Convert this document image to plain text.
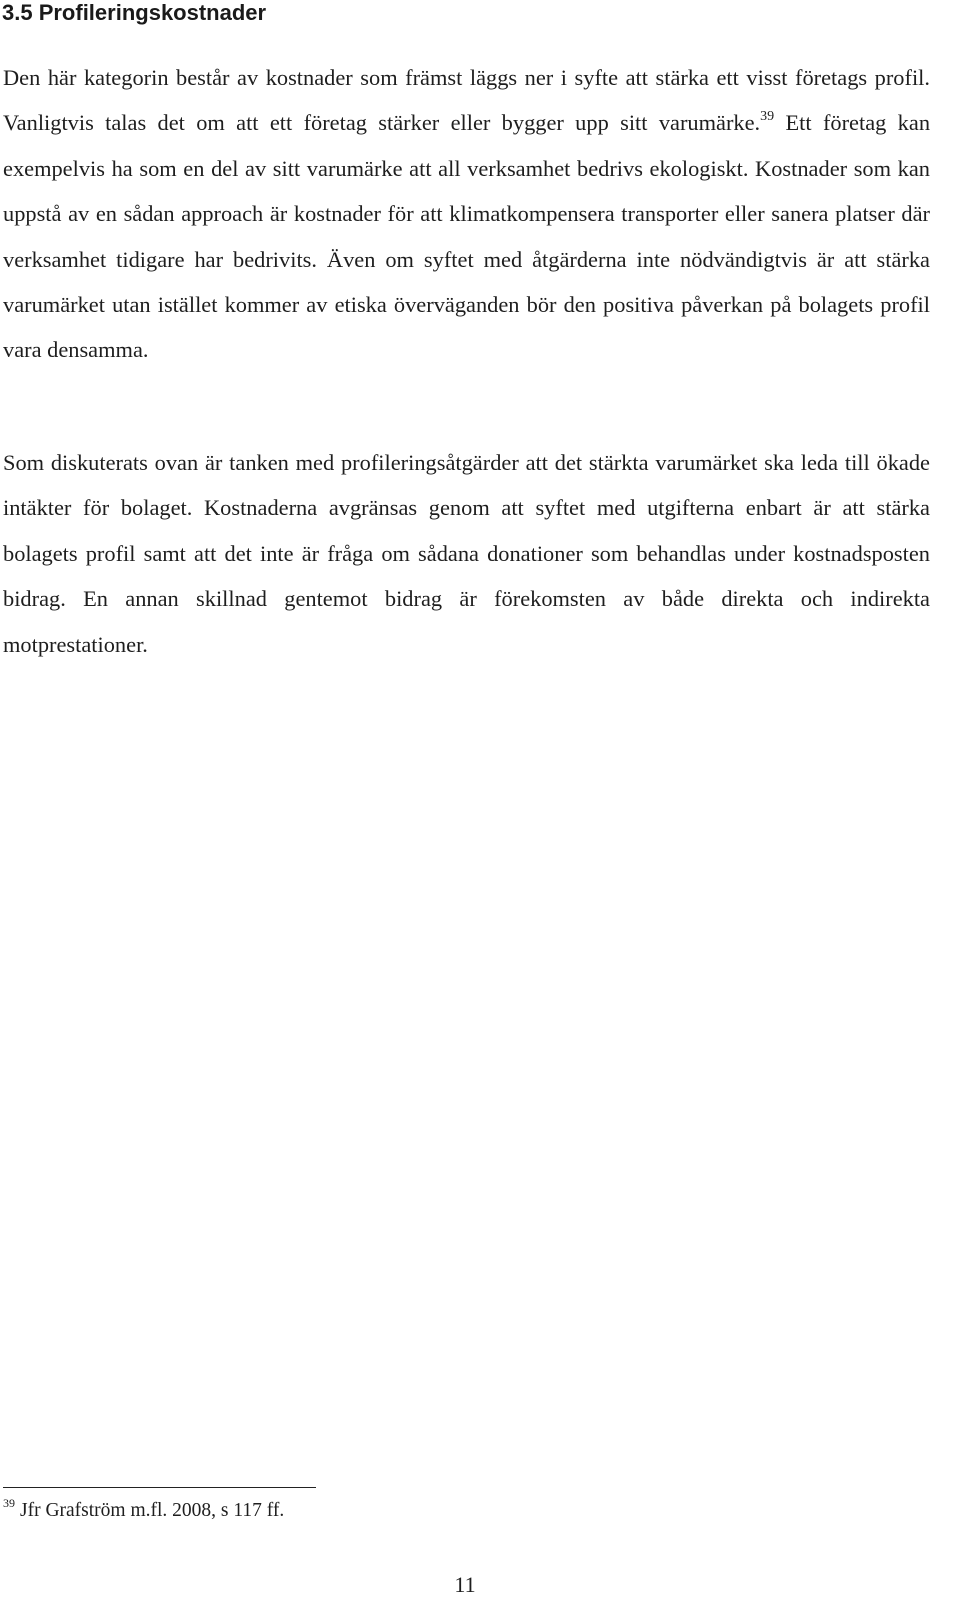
3.5 Profileringskostnader

Den här kategorin består av kostnader som främst läggs ner i syfte att stärka ett visst företags profil. Vanligtvis talas det om att ett företag stärker eller bygger upp sitt varumärke.$^{39}$ Ett företag kan exempelvis ha som en del av sitt varumärke att all verksamhet bedrivs ekologiskt. Kostnader som kan uppstå av en sådan approach är kostnader för att klimatkompensera transporter eller sanera platser där verksamhet tidigare har bedrivits. Även om syftet med åtgärderna inte nödvändigtvis är att stärka varumärket utan istället kommer av etiska överväganden bör den positiva påverkan på bolagets profil vara densamma.

Som diskuterats ovan är tanken med profileringsåtgärder att det stärkta varumärket ska leda till ökade intäkter för bolaget. Kostnaderna avgränsas genom att syftet med utgifterna enbart är att stärka bolagets profil samt att det inte är fråga om sådana donationer som behandlas under kostnadsposten bidrag. En annan skillnad gentemot bidrag är förekomsten av både direkta och indirekta motprestationer.

$^{39}$ Jfr Grafström m.fl. 2008, s 117 ff.

11
